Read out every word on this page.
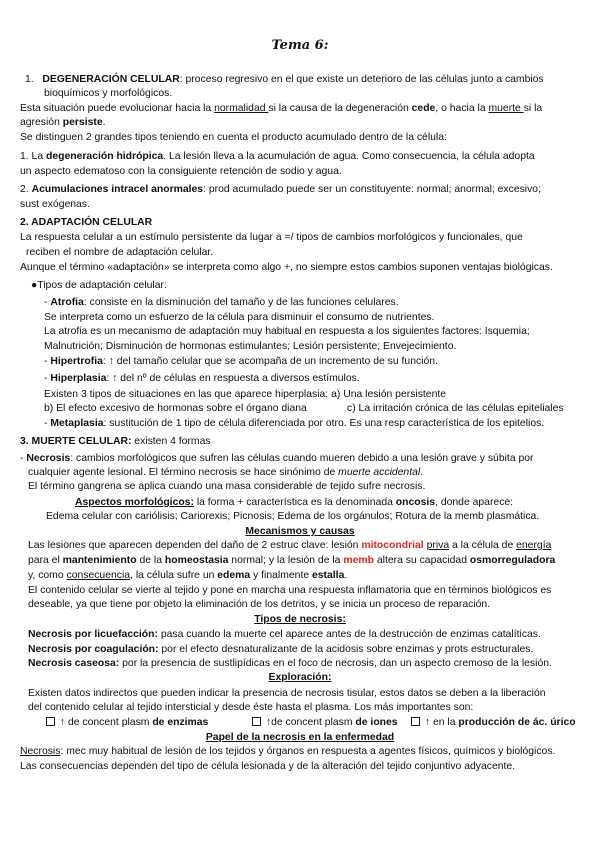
Tema 6:
1. DEGENERACIÓN CELULAR: proceso regresivo en el que existe un deterioro de las células junto a cambios
bioquímicos y morfológicos.
Esta situación puede evolucionar hacia la normalidad si la causa de la degeneración cede, o hacia la muerte si la
agresión persiste.
Se distinguen 2 grandes tipos teniendo en cuenta el producto acumulado dentro de la célula:
1. La degeneración hidrópica. La lesión lleva a la acumulación de agua. Como consecuencia, la célula adopta
un aspecto edematoso con la consiguiente retención de sodio y agua.
2. Acumulaciones intracel anormales: prod acumulado puede ser un constituyente: normal; anormal; excesivo;
sust exógenas.
2. ADAPTACIÓN CELULAR
La respuesta celular a un estímulo persistente da lugar a =/ tipos de cambios morfológicos y funcionales, que
reciben el nombre de adaptación celular.
Aunque el término «adaptación» se interpreta como algo +, no siempre estos cambios suponen ventajas biológicas.
●Tipos de adaptación celular:
- Atrofia: consiste en la disminución del tamaño y de las funciones celulares.
Se interpreta como un esfuerzo de la célula para disminuir el consumo de nutrientes.
La atrofia es un mecanismo de adaptación muy habitual en respuesta a los siguientes factores: Isquemia;
Malnutrición; Disminución de hormonas estimulantes; Lesión persistente; Envejecimiento.
- Hipertrofia: ↑ del tamaño celular que se acompaña de un incremento de su función.
- Hiperplasia: ↑ del nº de células en respuesta a diversos estímulos.
Existen 3 tipos de situaciones en las que aparece hiperplasia: a) Una lesión persistente
b) El efecto excesivo de hormonas sobre el órgano diana	c) La irritación crónica de las células epiteliales
- Metaplasia: sustitución de 1 tipo de célula diferenciada por otro. Es una resp característica de los epitelios.
3. MUERTE CELULAR: existen 4 formas
- Necrosis: cambios morfológicos que sufren las células cuando mueren debido a una lesión grave y súbita por
cualquier agente lesional. El término necrosis se hace sinónimo de muerte accidental.
El término gangrena se aplica cuando una masa considerable de tejido sufre necrosis.
Aspectos morfológicos: la forma + característica es la denominada oncosis, donde aparece:
Edema celular con cariólisis; Cariorexis; Picnosis; Edema de los orgánulos; Rotura de la memb plasmática.
Mecanismos y causas
Las lesiones que aparecen dependen del daño de 2 estruc clave: lesión mitocondrial priva a la célula de energía
para el mantenimiento de la homeostasia normal; y la lesión de la memb altera su capacidad osmorreguladora
y, como consecuencia, la célula sufre un edema y finalmente estalla.
El contenido celular se vierte al tejido y pone en marcha una respuesta inflamatoria que en términos biológicos es
deseable, ya que tiene por objeto la eliminación de los detritos, y se inicia un proceso de reparación.
Tipos de necrosis:
Necrosis por licuefacción: pasa cuando la muerte cel aparece antes de la destrucción de enzimas catalíticas.
Necrosis por coagulación: por el efecto desnaturalizante de la acidosis sobre enzimas y prots estructurales.
Necrosis caseosa: por la presencia de sustlipídicas en el foco de necrosis, dan un aspecto cremoso de la lesión.
Exploración:
Existen datos indirectos que pueden indicar la presencia de necrosis tisular, estos datos se deben a la liberación
del contenido celular al tejido intersticial y desde éste hasta el plasma. Los más importantes son:
↑ de concent plasm de enzimas	↑de concent plasm de iones	↑ en la producción de ác. úrico
Papel de la necrosis en la enfermedad
Necrosis: mec muy habitual de lesión de los tejidos y órganos en respuesta a agentes físicos, químicos y biológicos.
Las consecuencias dependen del tipo de célula lesionada y de la alteración del tejido conjuntivo adyacente.
